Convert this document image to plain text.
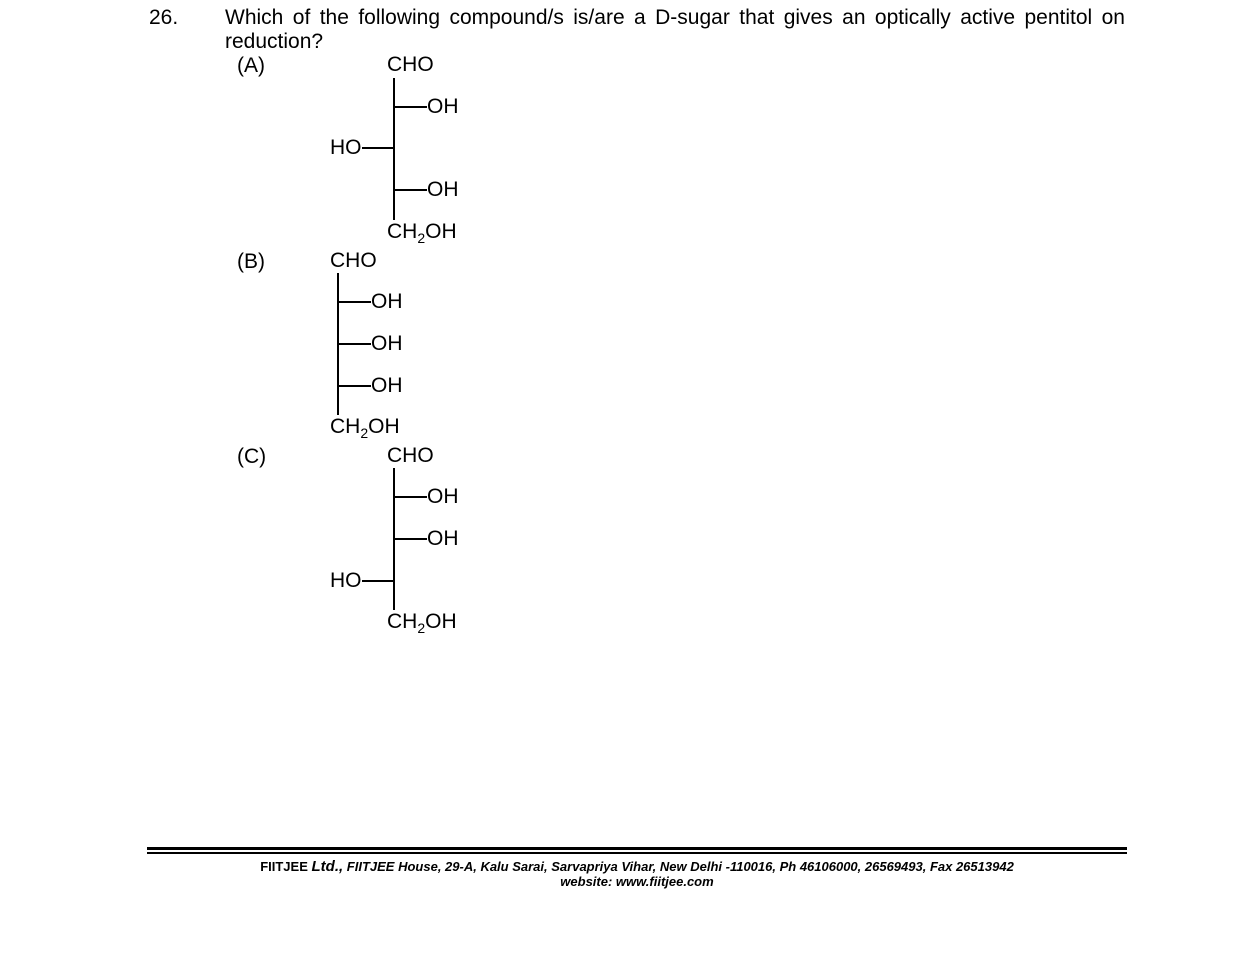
26. Which of the following compound/s is/are a D-sugar that gives an optically active pentitol on reduction?
(A)	CHO
OH
HO
OH
$CH_2OH$
(B)	CHO
OH
OH
OH
$CH_2OH$
(C)	CHO
OH
OH
HO
$CH_2OH$
FIITJEE Ltd., FIITJEE House, 29-A, Kalu Sarai, Sarvapriya Vihar, New Delhi -110016, Ph 46106000, 26569493, Fax 26513942
website: www.fiitjee.com
